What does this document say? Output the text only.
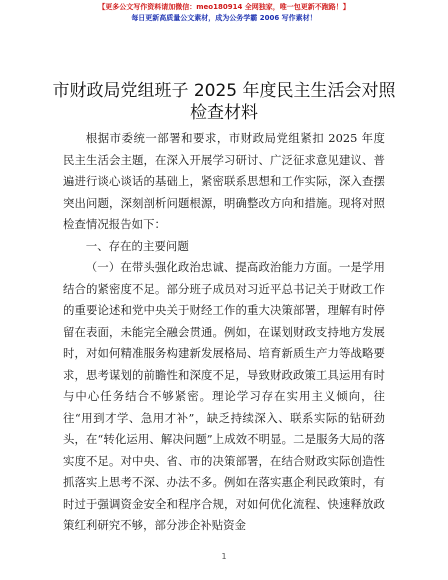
【更多公文写作资料请加微信：meo180914 全网独家，唯一包更新不跑路！】
每日更新高质量公文素材，成为公务学霸 2006 写作素材！
市财政局党组班子 2025 年度民主生活会对照检查材料

根据市委统一部署和要求，市财政局党组紧扣 2025 年度民主生活会主题，在深入开展学习研讨、广泛征求意见建议、普遍进行谈心谈话的基础上，紧密联系思想和工作实际，深入查摆突出问题，深刻剖析问题根源，明确整改方向和措施。现将对照检查情况报告如下：

一、存在的主要问题

（一）在带头强化政治忠诚、提高政治能力方面。一是学用结合的紧密度不足。部分班子成员对习近平总书记关于财政工作的重要论述和党中央关于财经工作的重大决策部署，理解有时停留在表面，未能完全融会贯通。例如，在谋划财政支持地方发展时，对如何精准服务构建新发展格局、培育新质生产力等战略要求，思考谋划的前瞻性和深度不足，导致财政政策工具运用有时与中心任务结合不够紧密。理论学习存在实用主义倾向，往往“用到才学、急用才补”，缺乏持续深入、联系实际的钻研劲头，在“转化运用、解决问题”上成效不明显。二是服务大局的落实度不足。对中央、省、市的决策部署，在结合财政实际创造性抓落实上思考不深、办法不多。例如在落实惠企利民政策时，有时过于强调资金安全和程序合规，对如何优化流程、快速释放政策红利研究不够，部分涉企补贴资金

1
